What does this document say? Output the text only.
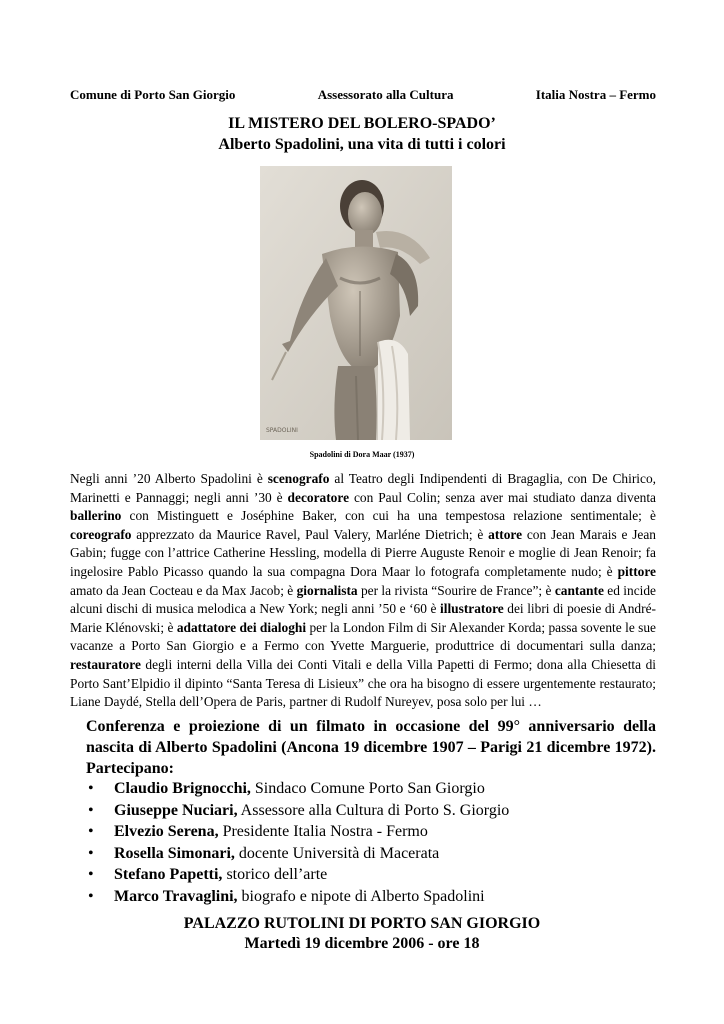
Comune di Porto San Giorgio	Assessorato alla Cultura	Italia Nostra – Fermo
IL MISTERO DEL BOLERO-SPADO’
Alberto Spadolini, una vita di tutti i colori
SPADOLINI
Spadolini di Dora Maar (1937)
Negli anni ’20 Alberto Spadolini è scenografo al Teatro degli Indipendenti di Bragaglia, con De Chirico, Marinetti e Pannaggi; negli anni ’30 è decoratore con Paul Colin; senza aver mai studiato danza diventa ballerino con Mistinguett e Joséphine Baker, con cui ha una tempestosa relazione sentimentale; è coreografo apprezzato da Maurice Ravel, Paul Valery, Marléne Dietrich; è attore con Jean Marais e Jean Gabin; fugge con l’attrice Catherine Hessling, modella di Pierre Auguste Renoir e moglie di Jean Renoir; fa ingelosire Pablo Picasso quando la sua compagna Dora Maar lo fotografa completamente nudo; è pittore amato da Jean Cocteau e da Max Jacob; è giornalista per la rivista “Sourire de France”; è cantante ed incide alcuni dischi di musica melodica a New York; negli anni ’50 e ‘60 è illustratore dei libri di poesie di André-Marie Klénovski; è adattatore dei dialoghi per la London Film di Sir Alexander Korda; passa sovente le sue vacanze a Porto San Giorgio e a Fermo con Yvette Marguerie, produttrice di documentari sulla danza; restauratore degli interni della Villa dei Conti Vitali e della Villa Papetti di Fermo; dona alla Chiesetta di Porto Sant’Elpidio il dipinto “Santa Teresa di Lisieux” che ora ha bisogno di essere urgentemente restaurato; Liane Daydé, Stella dell’Opera de Paris, partner di Rudolf Nureyev, posa solo per lui …
Conferenza e proiezione di un filmato in occasione del 99° anniversario della nascita di Alberto Spadolini (Ancona 19 dicembre 1907 – Parigi 21 dicembre 1972). Partecipano:
• Claudio Brignocchi, Sindaco Comune Porto San Giorgio
• Giuseppe Nuciari, Assessore alla Cultura di Porto S. Giorgio
• Elvezio Serena, Presidente Italia Nostra - Fermo
• Rosella Simonari, docente Università di Macerata
• Stefano Papetti, storico dell’arte
• Marco Travaglini, biografo e nipote di Alberto Spadolini
PALAZZO RUTOLINI DI PORTO SAN GIORGIO
Martedì 19 dicembre 2006 - ore 18
